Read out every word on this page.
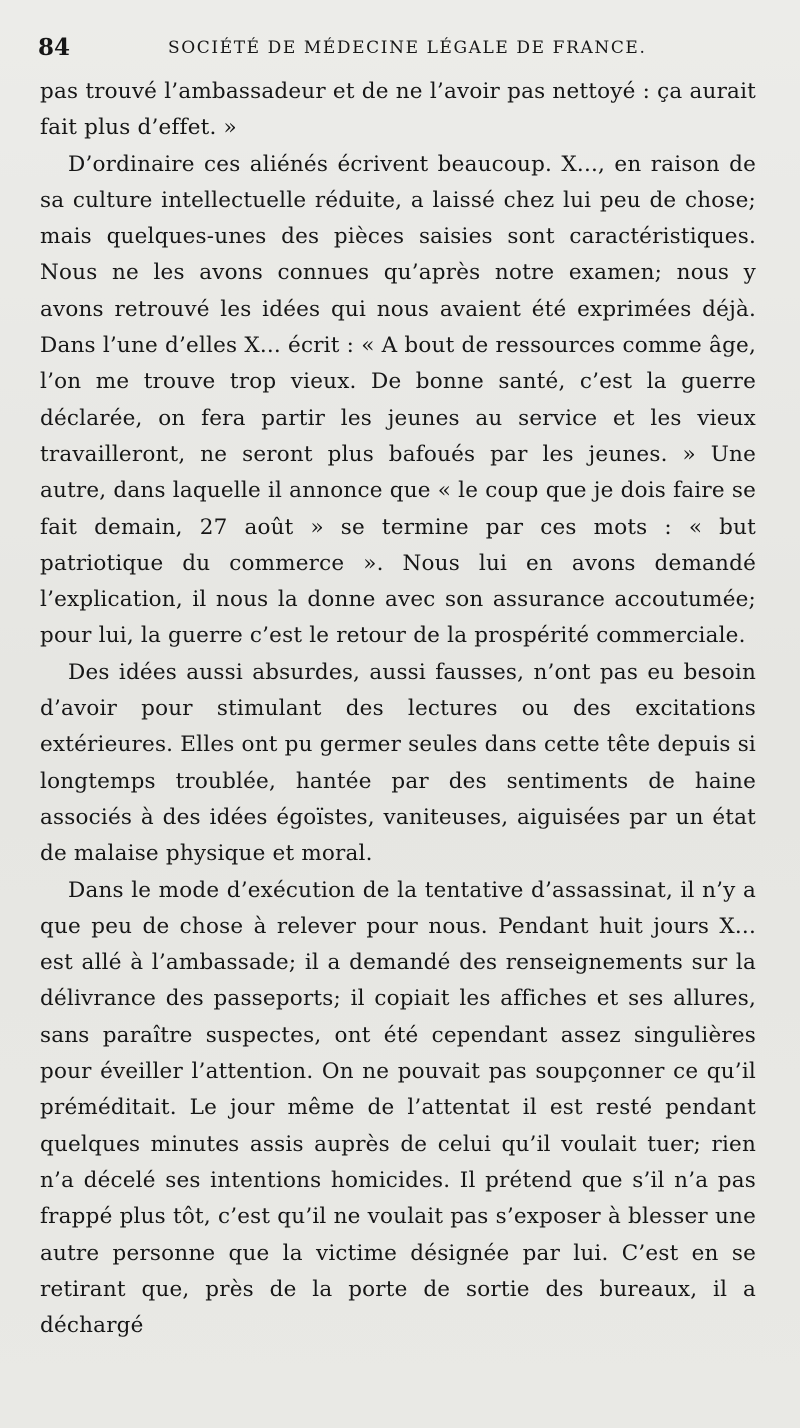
84	SOCIÉTÉ DE MÉDECINE LÉGALE DE FRANCE.

pas trouvé l’ambassadeur et de ne l’avoir pas nettoyé : ça aurait fait plus d’effet. »

D’ordinaire ces aliénés écrivent beaucoup. X..., en raison de sa culture intellectuelle réduite, a laissé chez lui peu de chose; mais quelques-unes des pièces saisies sont caractéristiques. Nous ne les avons connues qu’après notre examen; nous y avons retrouvé les idées qui nous avaient été exprimées déjà. Dans l’une d’elles X... écrit : « A bout de ressources comme âge, l’on me trouve trop vieux. De bonne santé, c’est la guerre déclarée, on fera partir les jeunes au service et les vieux travailleront, ne seront plus bafoués par les jeunes. » Une autre, dans laquelle il annonce que « le coup que je dois faire se fait demain, 27 août » se termine par ces mots : « but patriotique du commerce ». Nous lui en avons demandé l’explication, il nous la donne avec son assurance accoutumée; pour lui, la guerre c’est le retour de la prospérité commerciale.

Des idées aussi absurdes, aussi fausses, n’ont pas eu besoin d’avoir pour stimulant des lectures ou des excitations extérieures. Elles ont pu germer seules dans cette tête depuis si longtemps troublée, hantée par des sentiments de haine associés à des idées égoïstes, vaniteuses, aiguisées par un état de malaise physique et moral.

Dans le mode d’exécution de la tentative d’assassinat, il n’y a que peu de chose à relever pour nous. Pendant huit jours X... est allé à l’ambassade; il a demandé des renseignements sur la délivrance des passeports; il copiait les affiches et ses allures, sans paraître suspectes, ont été cependant assez singulières pour éveiller l’attention. On ne pouvait pas soupçonner ce qu’il préméditait. Le jour même de l’attentat il est resté pendant quelques minutes assis auprès de celui qu’il voulait tuer; rien n’a décelé ses intentions homicides. Il prétend que s’il n’a pas frappé plus tôt, c’est qu’il ne voulait pas s’exposer à blesser une autre personne que la victime désignée par lui. C’est en se retirant que, près de la porte de sortie des bureaux, il a déchargé
